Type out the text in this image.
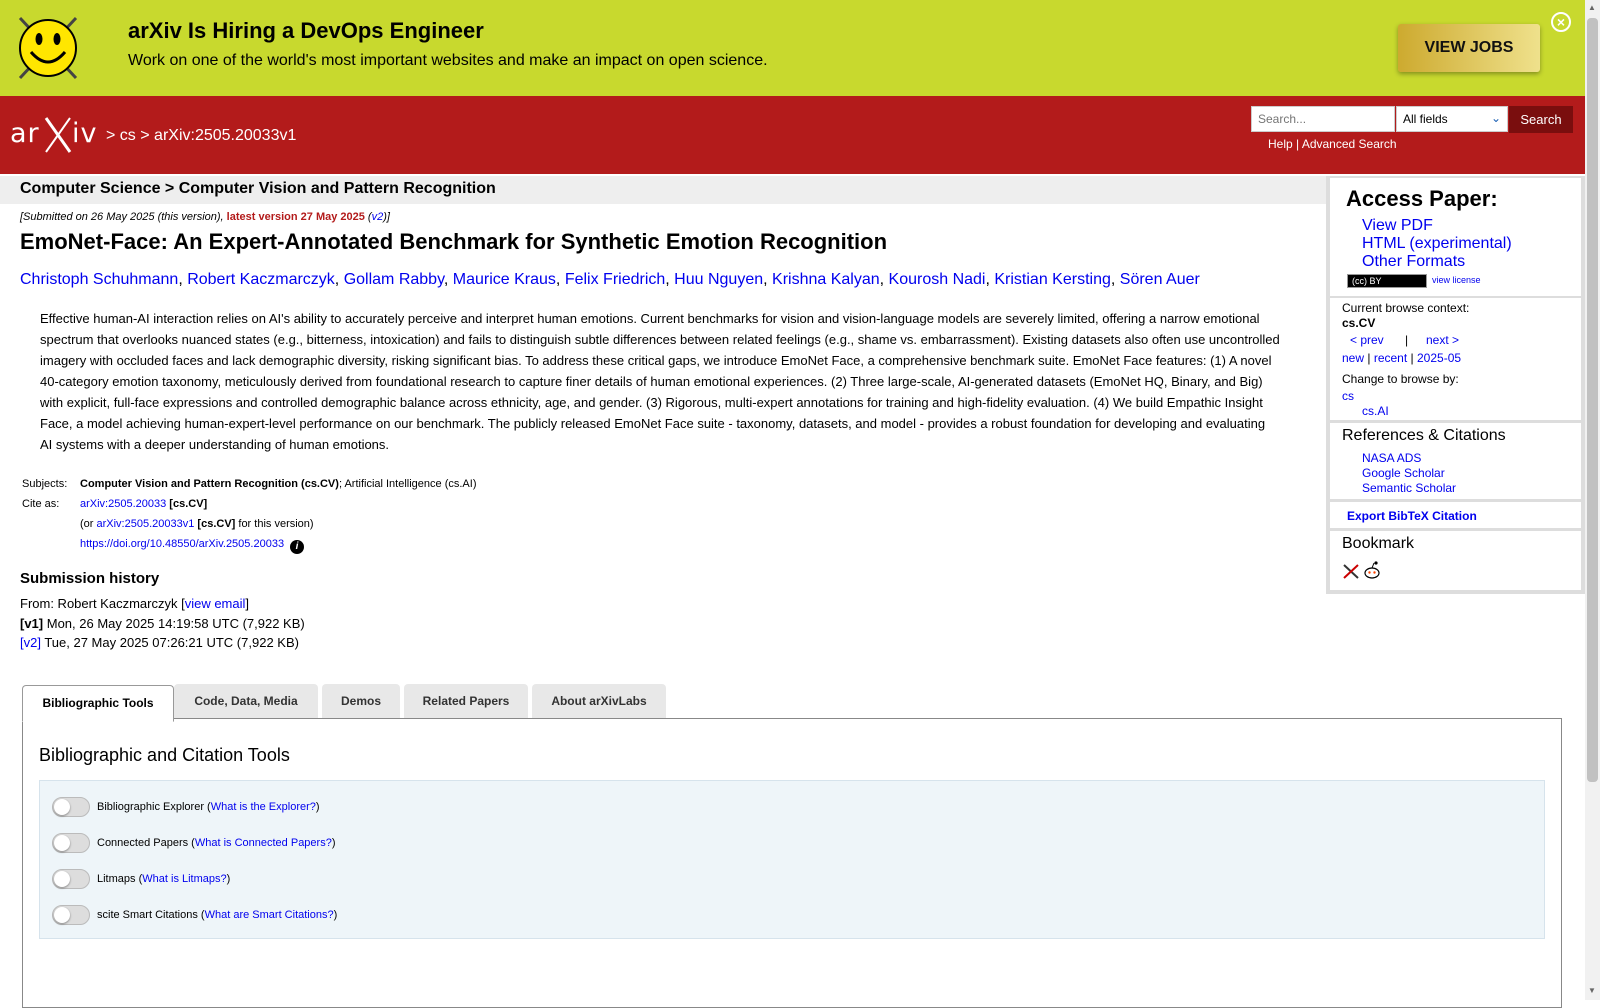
arXiv Is Hiring a DevOps Engineer
Work on one of the world's most important websites and make an impact on open science.
VIEW JOBS
×
ar iv > cs > arXiv:2505.20033v1
Search...
All fields	⌄	Search
Help | Advanced Search
Computer Science > Computer Vision and Pattern Recognition
[Submitted on 26 May 2025 (this version), latest version 27 May 2025 (v2)]
EmoNet-Face: An Expert-Annotated Benchmark for Synthetic Emotion Recognition
Christoph Schuhmann, Robert Kaczmarczyk, Gollam Rabby, Maurice Kraus, Felix Friedrich, Huu Nguyen, Krishna Kalyan, Kourosh Nadi, Kristian Kersting, Sören Auer

Effective human-AI interaction relies on AI's ability to accurately perceive and interpret human emotions. Current benchmarks for vision and vision-language models are severely limited, offering a narrow emotional spectrum that overlooks nuanced states (e.g., bitterness, intoxication) and fails to distinguish subtle differences between related feelings (e.g., shame vs. embarrassment). Existing datasets also often use uncontrolled imagery with occluded faces and lack demographic diversity, risking significant bias. To address these critical gaps, we introduce EmoNet Face, a comprehensive benchmark suite. EmoNet Face features: (1) A novel 40-category emotion taxonomy, meticulously derived from foundational research to capture finer details of human emotional experiences. (2) Three large-scale, AI-generated datasets (EmoNet HQ, Binary, and Big) with explicit, full-face expressions and controlled demographic balance across ethnicity, age, and gender. (3) Rigorous, multi-expert annotations for training and high-fidelity evaluation. (4) We build Empathic Insight Face, a model achieving human-expert-level performance on our benchmark. The publicly released EmoNet Face suite - taxonomy, datasets, and model - provides a robust foundation for developing and evaluating AI systems with a deeper understanding of human emotions.

Subjects:	Computer Vision and Pattern Recognition (cs.CV); Artificial Intelligence (cs.AI)
Cite as:	arXiv:2505.20033 [cs.CV]
	(or arXiv:2505.20033v1 [cs.CV] for this version)
	https://doi.org/10.48550/arXiv.2505.20033 i
Submission history
From: Robert Kaczmarczyk [view email]
[v1] Mon, 26 May 2025 14:19:58 UTC (7,922 KB)
[v2] Tue, 27 May 2025 07:26:21 UTC (7,922 KB)
Bibliographic Tools	Code, Data, Media	Demos	Related Papers	About arXivLabs
Bibliographic and Citation Tools
Bibliographic Explorer (What is the Explorer?)
Connected Papers (What is Connected Papers?)
Litmaps (What is Litmaps?)
scite Smart Citations (What are Smart Citations?)
Access Paper:
View PDF
HTML (experimental)
Other Formats
(cc) BY	view license
Current browse context:
cs.CV
< prev | next >
new | recent | 2025-05
Change to browse by:
cs
cs.AI
References & Citations
NASA ADS
Google Scholar
Semantic Scholar
Export BibTeX Citation
Bookmark
▲
▼
